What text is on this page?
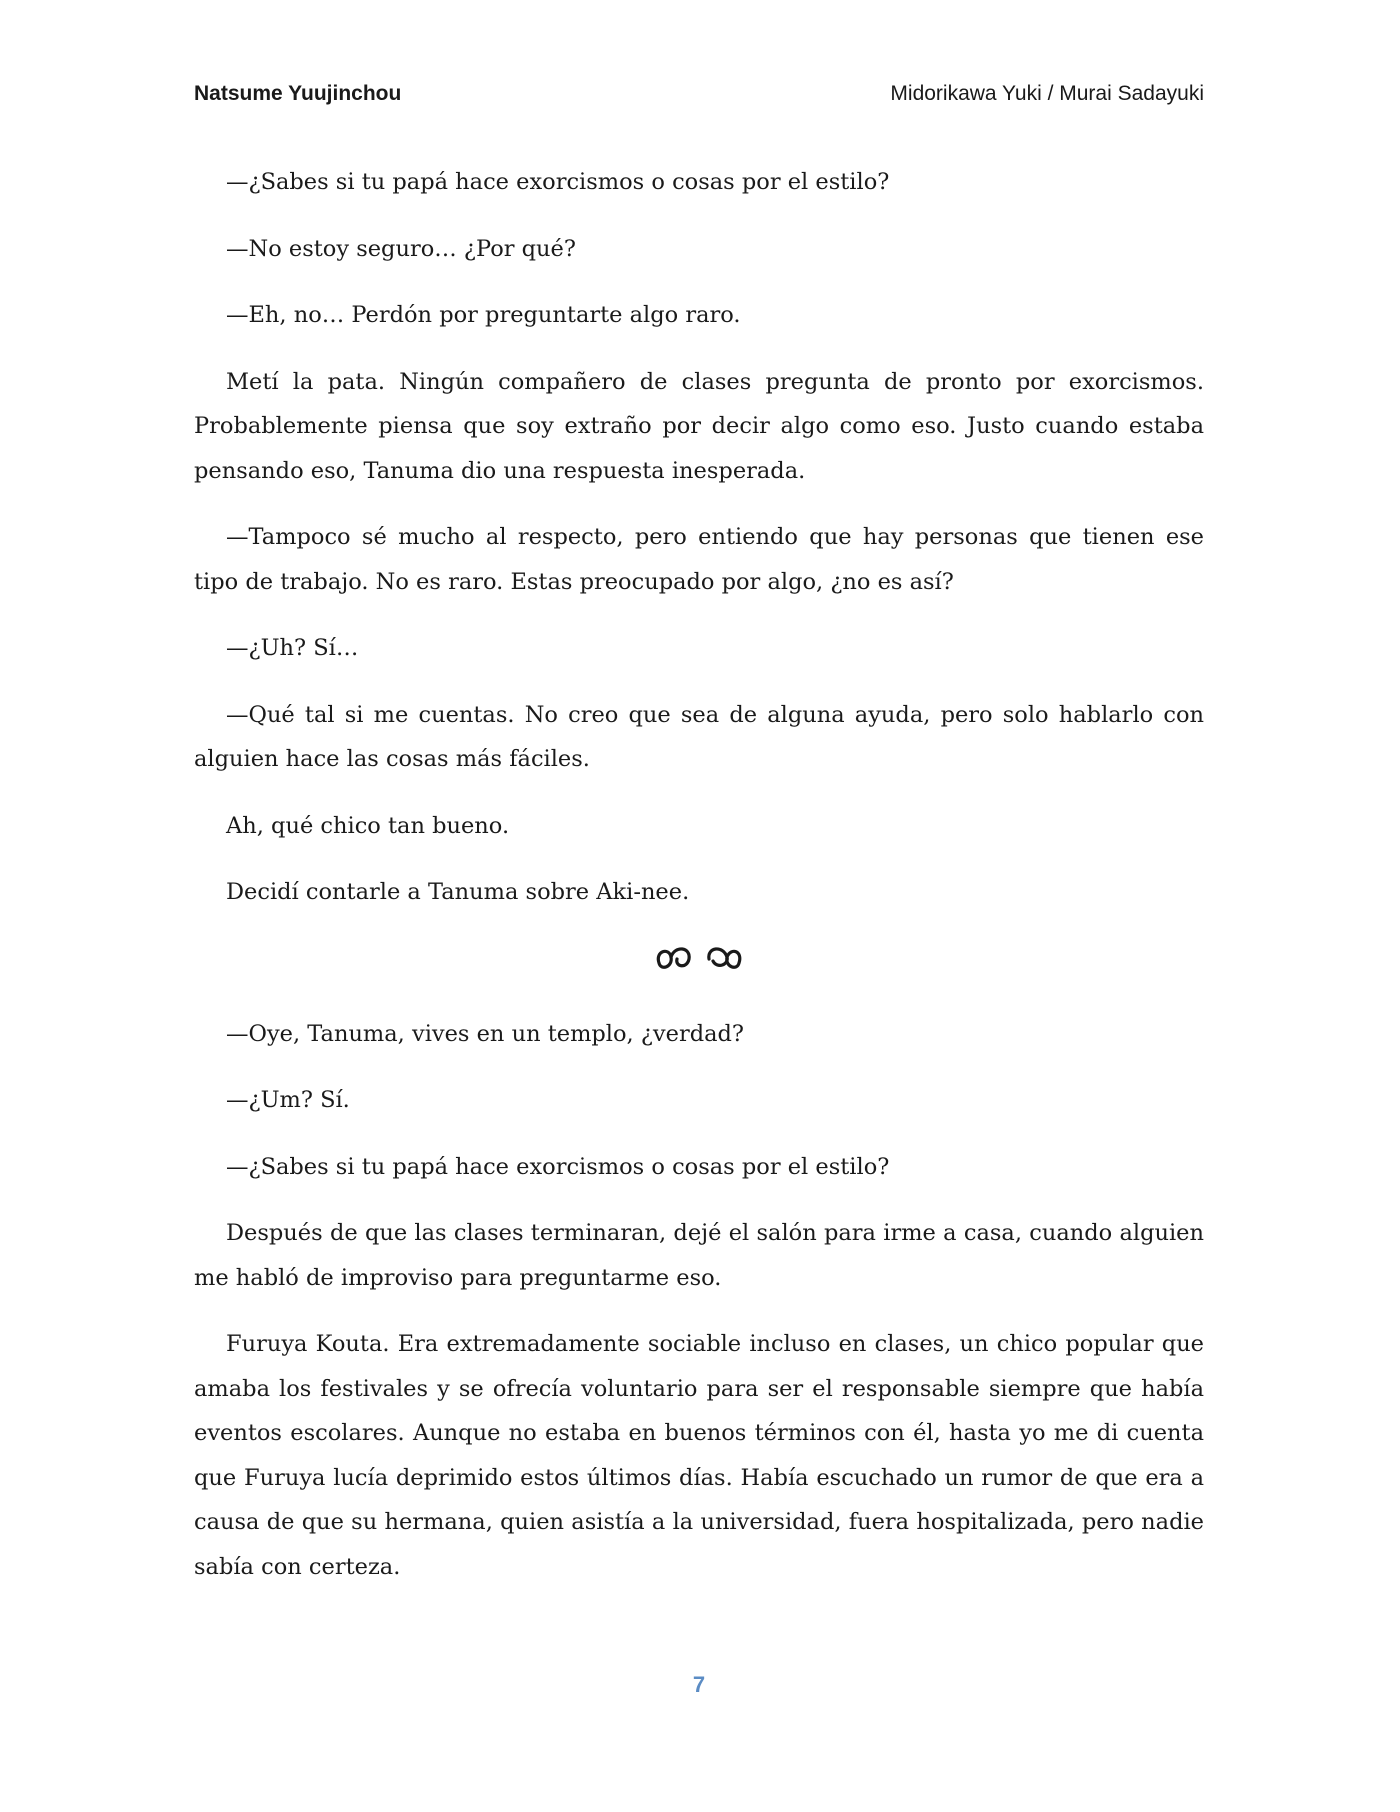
Natsume Yuujinchou	Midorikawa Yuki / Murai Sadayuki

—¿Sabes si tu papá hace exorcismos o cosas por el estilo?

—No estoy seguro… ¿Por qué?

—Eh, no… Perdón por preguntarte algo raro.

Metí la pata. Ningún compañero de clases pregunta de pronto por exorcismos. Probablemente piensa que soy extraño por decir algo como eso. Justo cuando estaba pensando eso, Tanuma dio una respuesta inesperada.

—Tampoco sé mucho al respecto, pero entiendo que hay personas que tienen ese tipo de trabajo. No es raro. Estas preocupado por algo, ¿no es así?

—¿Uh? Sí…

—Qué tal si me cuentas. No creo que sea de alguna ayuda, pero solo hablarlo con alguien hace las cosas más fáciles.

Ah, qué chico tan bueno.

Decidí contarle a Tanuma sobre Aki-nee.

—Oye, Tanuma, vives en un templo, ¿verdad?

—¿Um? Sí.

—¿Sabes si tu papá hace exorcismos o cosas por el estilo?

Después de que las clases terminaran, dejé el salón para irme a casa, cuando alguien me habló de improviso para preguntarme eso.

Furuya Kouta. Era extremadamente sociable incluso en clases, un chico popular que amaba los festivales y se ofrecía voluntario para ser el responsable siempre que había eventos escolares. Aunque no estaba en buenos términos con él, hasta yo me di cuenta que Furuya lucía deprimido estos últimos días. Había escuchado un rumor de que era a causa de que su hermana, quien asistía a la universidad, fuera hospitalizada, pero nadie sabía con certeza.

7
